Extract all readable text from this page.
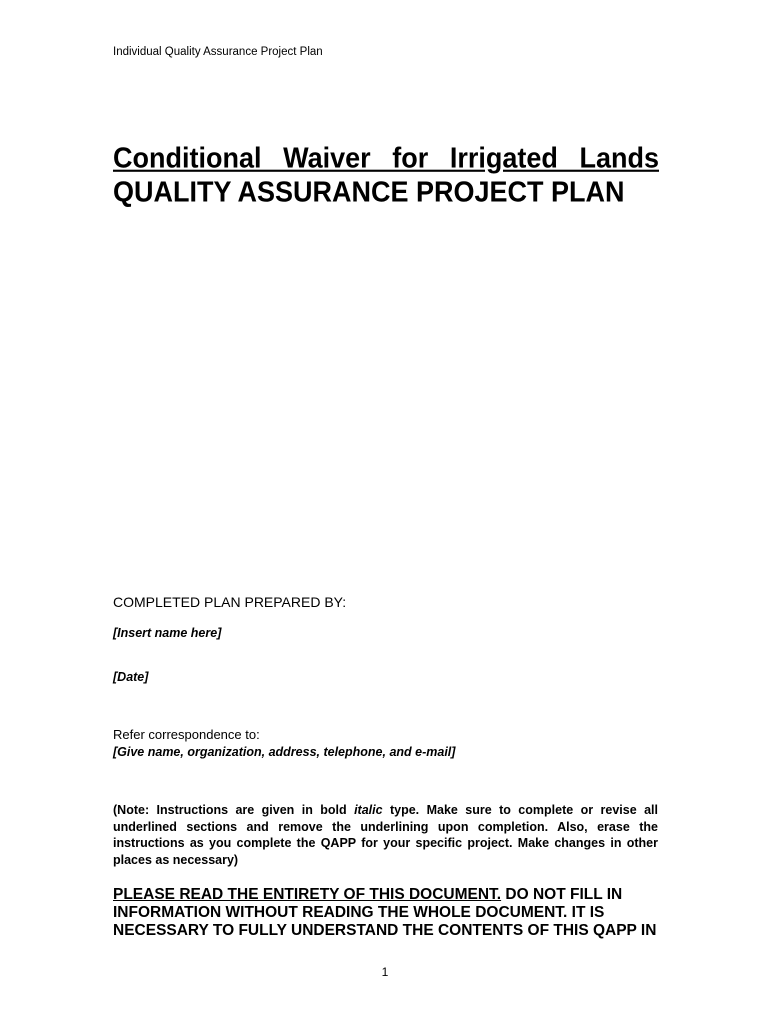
Individual Quality Assurance Project Plan
Conditional Waiver for Irrigated Lands
QUALITY ASSURANCE PROJECT PLAN
COMPLETED PLAN PREPARED BY:
[Insert name here]
[Date]
Refer correspondence to:
[Give name, organization, address, telephone, and e-mail]
(Note: Instructions are given in bold italic type. Make sure to complete or revise all underlined sections and remove the underlining upon completion. Also, erase the instructions as you complete the QAPP for your specific project. Make changes in other places as necessary)
PLEASE READ THE ENTIRETY OF THIS DOCUMENT. DO NOT FILL IN INFORMATION WITHOUT READING THE WHOLE DOCUMENT. IT IS NECESSARY TO FULLY UNDERSTAND THE CONTENTS OF THIS QAPP IN
1
